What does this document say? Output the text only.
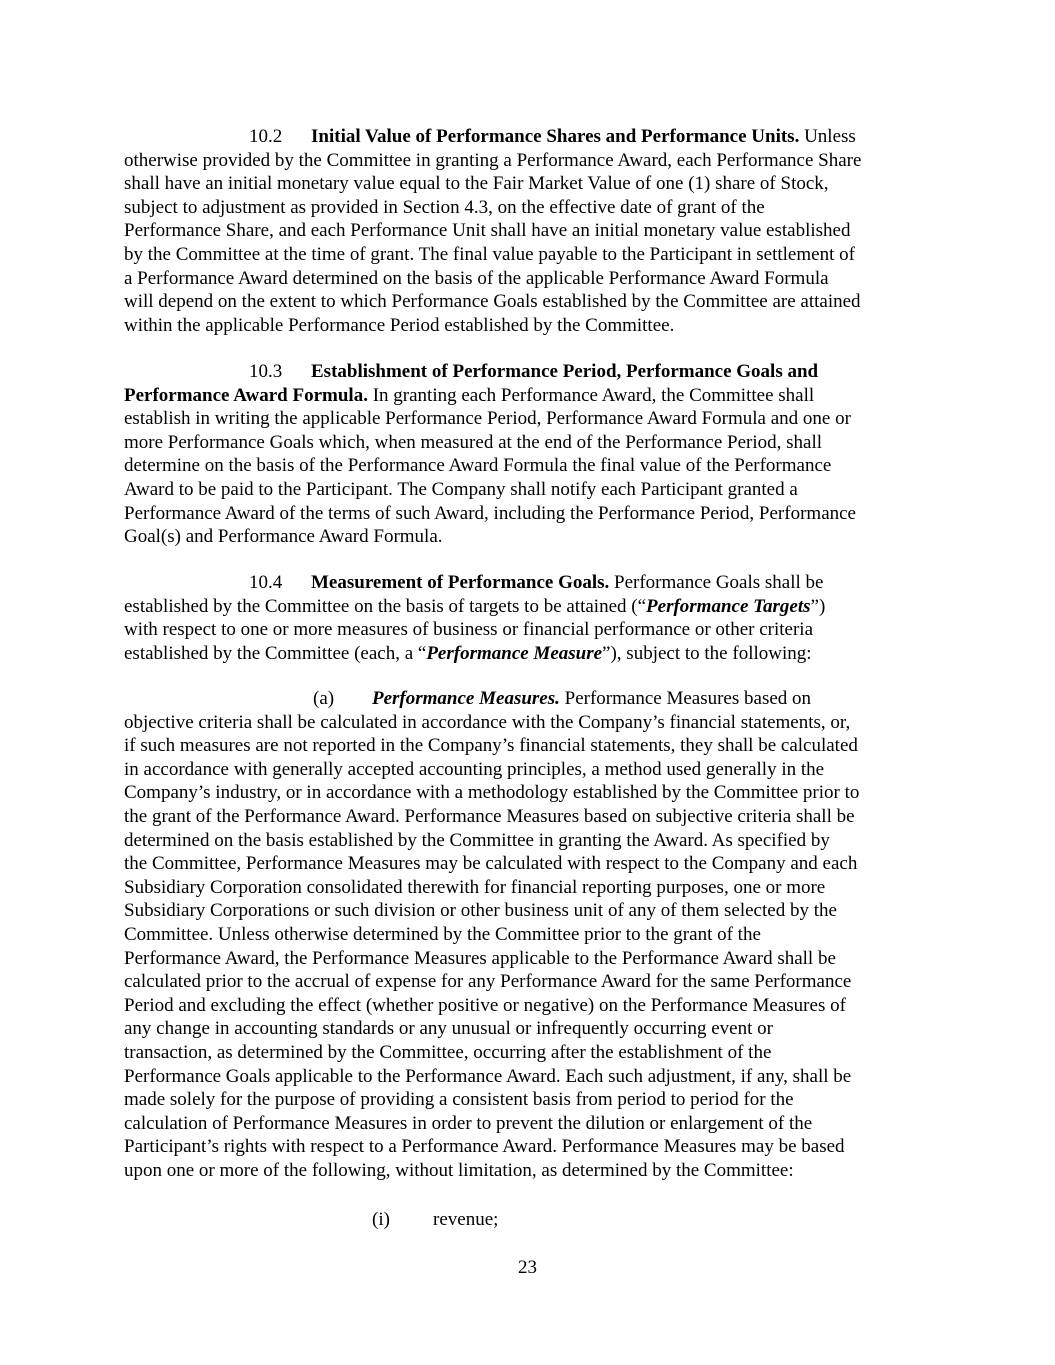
10.2 Initial Value of Performance Shares and Performance Units. Unless
otherwise provided by the Committee in granting a Performance Award, each Performance Share
shall have an initial monetary value equal to the Fair Market Value of one (1) share of Stock,
subject to adjustment as provided in Section 4.3, on the effective date of grant of the
Performance Share, and each Performance Unit shall have an initial monetary value established
by the Committee at the time of grant. The final value payable to the Participant in settlement of
a Performance Award determined on the basis of the applicable Performance Award Formula
will depend on the extent to which Performance Goals established by the Committee are attained
within the applicable Performance Period established by the Committee.
10.3 Establishment of Performance Period, Performance Goals and
Performance Award Formula. In granting each Performance Award, the Committee shall
establish in writing the applicable Performance Period, Performance Award Formula and one or
more Performance Goals which, when measured at the end of the Performance Period, shall
determine on the basis of the Performance Award Formula the final value of the Performance
Award to be paid to the Participant. The Company shall notify each Participant granted a
Performance Award of the terms of such Award, including the Performance Period, Performance
Goal(s) and Performance Award Formula.
10.4 Measurement of Performance Goals. Performance Goals shall be
established by the Committee on the basis of targets to be attained (“Performance Targets”)
with respect to one or more measures of business or financial performance or other criteria
established by the Committee (each, a “Performance Measure”), subject to the following:
(a) Performance Measures. Performance Measures based on
objective criteria shall be calculated in accordance with the Company’s financial statements, or,
if such measures are not reported in the Company’s financial statements, they shall be calculated
in accordance with generally accepted accounting principles, a method used generally in the
Company’s industry, or in accordance with a methodology established by the Committee prior to
the grant of the Performance Award. Performance Measures based on subjective criteria shall be
determined on the basis established by the Committee in granting the Award. As specified by
the Committee, Performance Measures may be calculated with respect to the Company and each
Subsidiary Corporation consolidated therewith for financial reporting purposes, one or more
Subsidiary Corporations or such division or other business unit of any of them selected by the
Committee. Unless otherwise determined by the Committee prior to the grant of the
Performance Award, the Performance Measures applicable to the Performance Award shall be
calculated prior to the accrual of expense for any Performance Award for the same Performance
Period and excluding the effect (whether positive or negative) on the Performance Measures of
any change in accounting standards or any unusual or infrequently occurring event or
transaction, as determined by the Committee, occurring after the establishment of the
Performance Goals applicable to the Performance Award. Each such adjustment, if any, shall be
made solely for the purpose of providing a consistent basis from period to period for the
calculation of Performance Measures in order to prevent the dilution or enlargement of the
Participant’s rights with respect to a Performance Award. Performance Measures may be based
upon one or more of the following, without limitation, as determined by the Committee:
(i) revenue;
23
